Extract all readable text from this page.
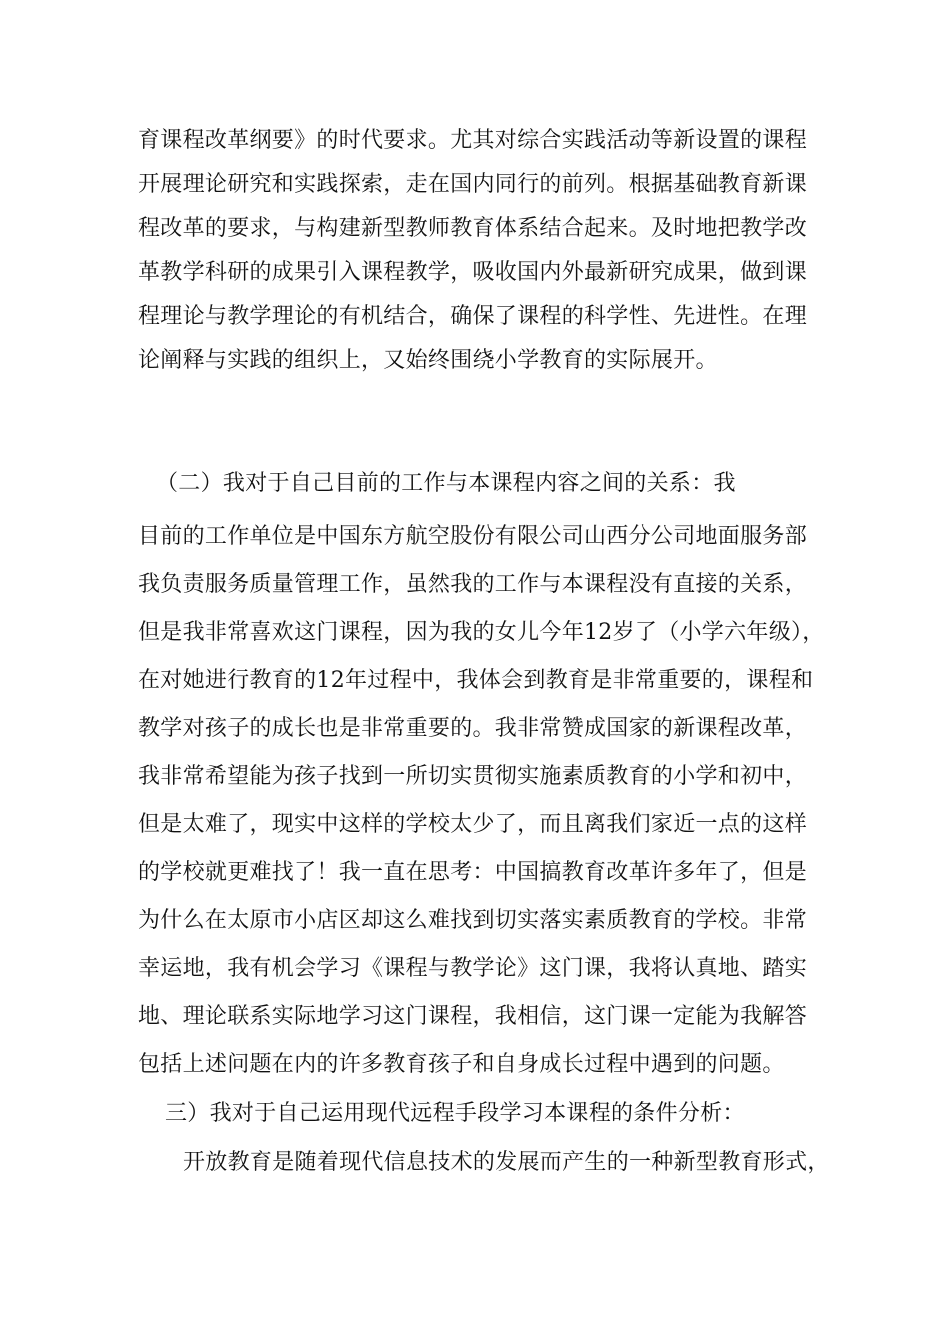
育课程改革纲要》的时代要求。尤其对综合实践活动等新设置的课程
开展理论研究和实践探索，走在国内同行的前列。根据基础教育新课
程改革的要求，与构建新型教师教育体系结合起来。及时地把教学改
革教学科研的成果引入课程教学，吸收国内外最新研究成果，做到课
程理论与教学理论的有机结合，确保了课程的科学性、先进性。在理
论阐释与实践的组织上，又始终围绕小学教育的实际展开。
（二）我对于自己目前的工作与本课程内容之间的关系：我
目前的工作单位是中国东方航空股份有限公司山西分公司地面服务部
我负责服务质量管理工作，虽然我的工作与本课程没有直接的关系，
但是我非常喜欢这门课程，因为我的女儿今年12岁了（小学六年级），
在对她进行教育的12年过程中，我体会到教育是非常重要的，课程和
教学对孩子的成长也是非常重要的。我非常赞成国家的新课程改革，
我非常希望能为孩子找到一所切实贯彻实施素质教育的小学和初中，
但是太难了，现实中这样的学校太少了，而且离我们家近一点的这样
的学校就更难找了！我一直在思考：中国搞教育改革许多年了，但是
为什么在太原市小店区却这么难找到切实落实素质教育的学校。非常
幸运地，我有机会学习《课程与教学论》这门课，我将认真地、踏实
地、理论联系实际地学习这门课程，我相信，这门课一定能为我解答
包括上述问题在内的许多教育孩子和自身成长过程中遇到的问题。
三）我对于自己运用现代远程手段学习本课程的条件分析：
开放教育是随着现代信息技术的发展而产生的一种新型教育形式，
